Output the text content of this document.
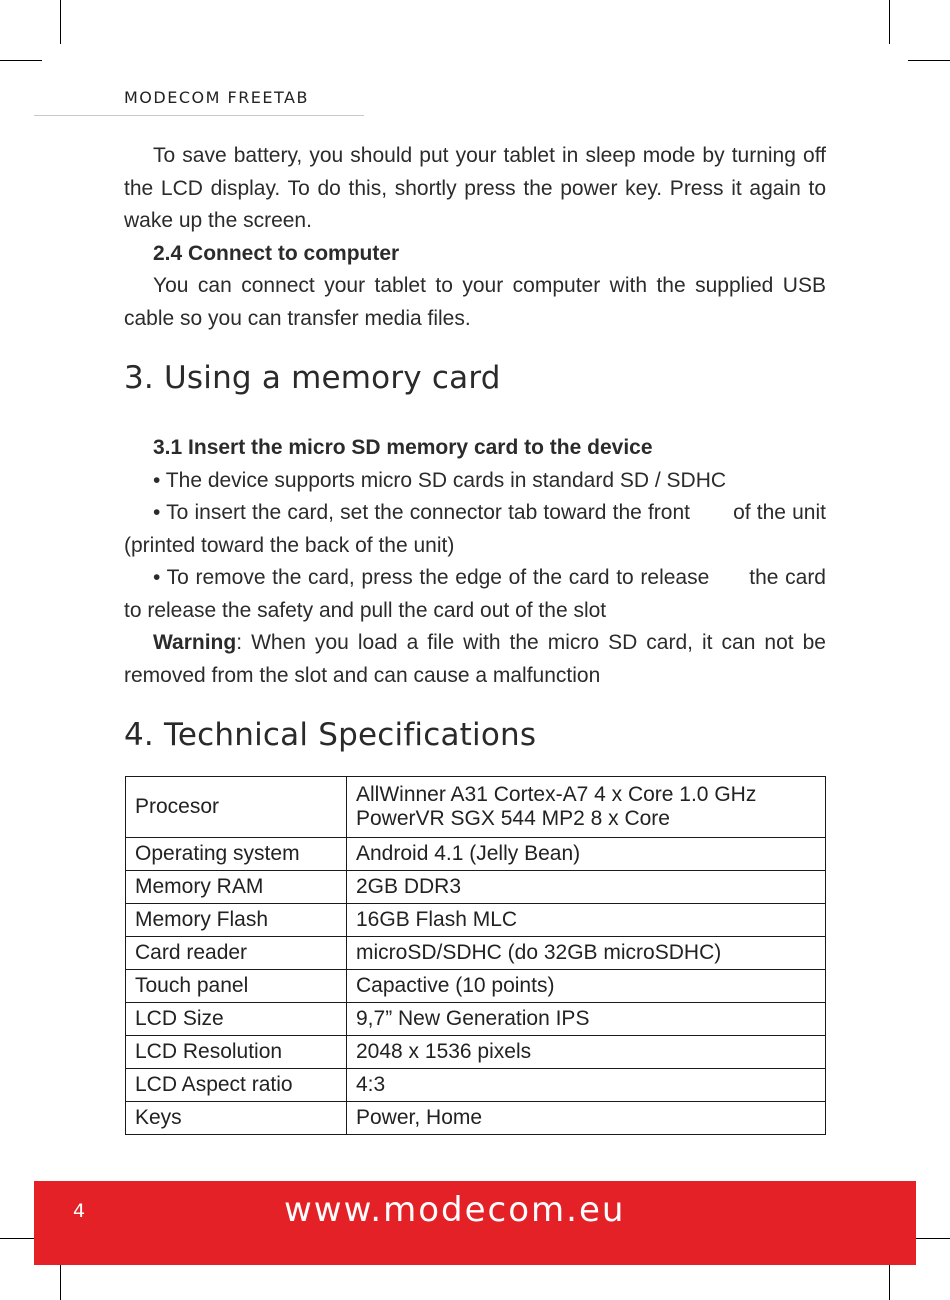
MODECOM FREETAB

To save battery, you should put your tablet in sleep mode by turning off the LCD display. To do this, shortly press the power key. Press it again to wake up the screen.

2.4 Connect to computer

You can connect your tablet to your computer with the supplied USB cable so you can transfer media files.

3. Using a memory card

3.1 Insert the micro SD memory card to the device

• The device supports micro SD cards in standard SD / SDHC

• To insert the card, set the connector tab toward the front       of the unit (printed toward the back of the unit)

• To remove the card, press the edge of the card to release      the card to release the safety and pull the card out of the slot

Warning: When you load a file with the micro SD card, it can not be removed from the slot and can cause a malfunction

4. Technical Specifications
Procesor	AllWinner A31 Cortex-A7 4 x Core 1.0 GHz
PowerVR SGX 544 MP2 8 x Core

Operating system	Android 4.1 (Jelly Bean)
Memory RAM	2GB DDR3
Memory Flash	16GB Flash MLC
Card reader	microSD/SDHC (do 32GB microSDHC)
Touch panel	Capactive (10 points)
LCD Size	9,7” New Generation IPS
LCD Resolution	2048 x 1536 pixels
LCD Aspect ratio	4:3
Keys	Power, Home
4	www.modecom.eu
